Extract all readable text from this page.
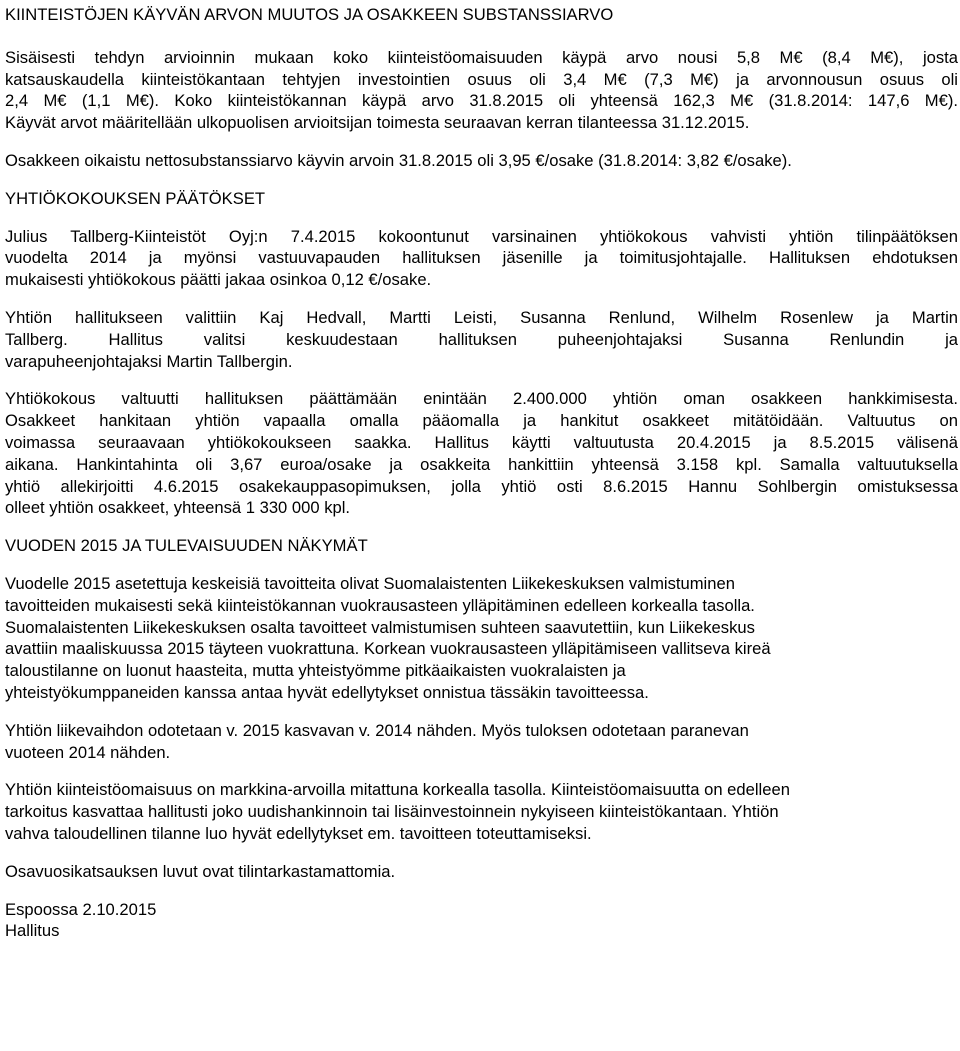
KIINTEISTÖJEN KÄYVÄN ARVON MUUTOS JA OSAKKEEN SUBSTANSSIARVO
Sisäisesti tehdyn arvioinnin mukaan koko kiinteistöomaisuuden käypä arvo nousi 5,8 M€ (8,4 M€), josta
katsauskaudella kiinteistökantaan tehtyjen investointien osuus oli 3,4 M€ (7,3 M€) ja arvonnousun osuus oli
2,4 M€ (1,1 M€). Koko kiinteistökannan käypä arvo 31.8.2015 oli yhteensä 162,3 M€ (31.8.2014: 147,6 M€).
Käyvät arvot määritellään ulkopuolisen arvioitsijan toimesta seuraavan kerran tilanteessa 31.12.2015.
Osakkeen oikaistu nettosubstanssiarvo käyvin arvoin 31.8.2015 oli 3,95 €/osake (31.8.2014: 3,82 €/osake).
YHTIÖKOKOUKSEN PÄÄTÖKSET
Julius Tallberg-Kiinteistöt Oyj:n 7.4.2015 kokoontunut varsinainen yhtiökokous vahvisti yhtiön tilinpäätöksen
vuodelta 2014 ja myönsi vastuuvapauden hallituksen jäsenille ja toimitusjohtajalle. Hallituksen ehdotuksen
mukaisesti yhtiökokous päätti jakaa osinkoa 0,12 €/osake.
Yhtiön hallitukseen valittiin Kaj Hedvall, Martti Leisti, Susanna Renlund, Wilhelm Rosenlew ja Martin
Tallberg. Hallitus valitsi keskuudestaan hallituksen puheenjohtajaksi Susanna Renlundin ja
varapuheenjohtajaksi Martin Tallbergin.
Yhtiökokous valtuutti hallituksen päättämään enintään 2.400.000 yhtiön oman osakkeen hankkimisesta.
Osakkeet hankitaan yhtiön vapaalla omalla pääomalla ja hankitut osakkeet mitätöidään. Valtuutus on
voimassa seuraavaan yhtiökokoukseen saakka. Hallitus käytti valtuutusta 20.4.2015 ja 8.5.2015 välisenä
aikana. Hankintahinta oli 3,67 euroa/osake ja osakkeita hankittiin yhteensä 3.158 kpl. Samalla valtuutuksella
yhtiö allekirjoitti 4.6.2015 osakekauppasopimuksen, jolla yhtiö osti 8.6.2015 Hannu Sohlbergin omistuksessa
olleet yhtiön osakkeet, yhteensä 1 330 000 kpl.
VUODEN 2015 JA TULEVAISUUDEN NÄKYMÄT
Vuodelle 2015 asetettuja keskeisiä tavoitteita olivat Suomalaistenten Liikekeskuksen valmistuminen
tavoitteiden mukaisesti sekä kiinteistökannan vuokrausasteen ylläpitäminen edelleen korkealla tasolla.
Suomalaistenten Liikekeskuksen osalta tavoitteet valmistumisen suhteen saavutettiin, kun Liikekeskus
avattiin maaliskuussa 2015 täyteen vuokrattuna. Korkean vuokrausasteen ylläpitämiseen vallitseva kireä
taloustilanne on luonut haasteita, mutta yhteistyömme pitkäaikaisten vuokralaisten ja
yhteistyökumppaneiden kanssa antaa hyvät edellytykset onnistua tässäkin tavoitteessa.
Yhtiön liikevaihdon odotetaan v. 2015 kasvavan v. 2014 nähden. Myös tuloksen odotetaan paranevan
vuoteen 2014 nähden.
Yhtiön kiinteistöomaisuus on markkina-arvoilla mitattuna korkealla tasolla. Kiinteistöomaisuutta on edelleen
tarkoitus kasvattaa hallitusti joko uudishankinnoin tai lisäinvestoinnein nykyiseen kiinteistökantaan. Yhtiön
vahva taloudellinen tilanne luo hyvät edellytykset em. tavoitteen toteuttamiseksi.
Osavuosikatsauksen luvut ovat tilintarkastamattomia.
Espoossa 2.10.2015
Hallitus
